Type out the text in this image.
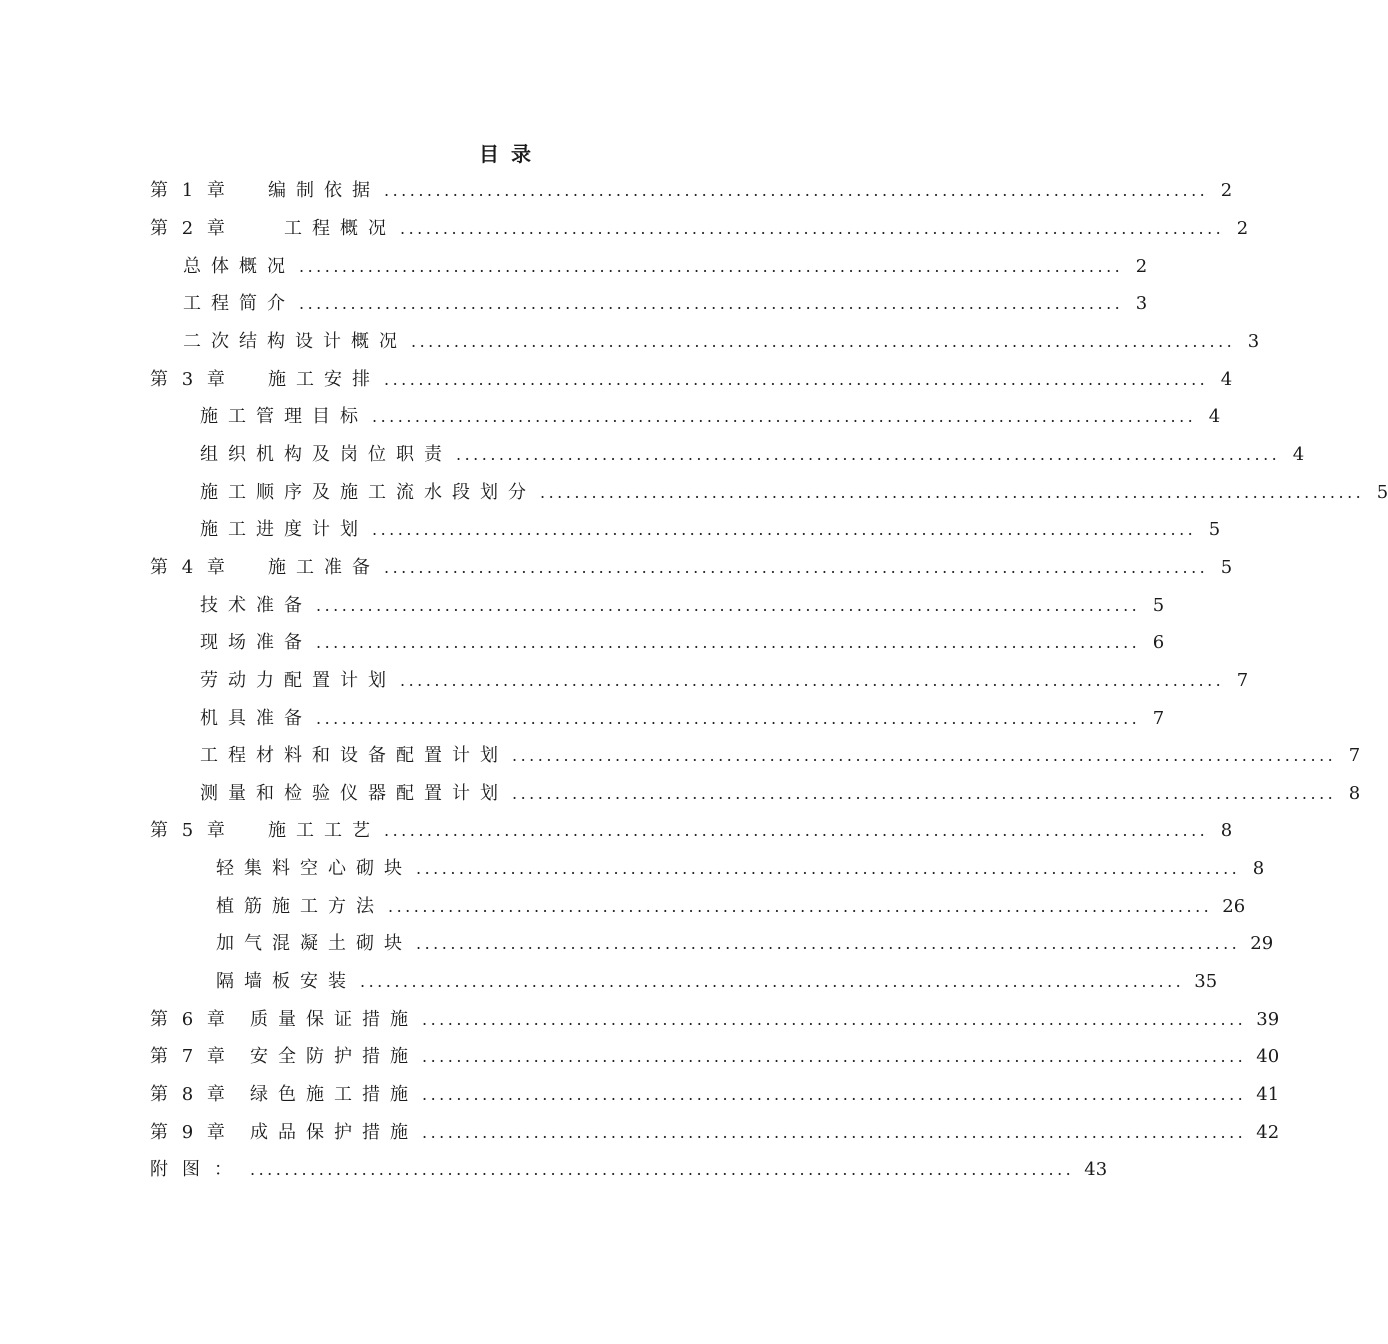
目录
第 1 章	编制依据 ................................................................................................ 2
第 2 章	工程概况 ................................................................................................ 2
总体概况 ................................................................................................ 2
工程简介 ................................................................................................ 3
二次结构设计概况 ................................................................................................ 3
第 3 章	施工安排 ................................................................................................ 4
施工管理目标 ................................................................................................ 4
组织机构及岗位职责 ................................................................................................ 4
施工顺序及施工流水段划分 ................................................................................................ 5
施工进度计划 ................................................................................................ 5
第 4 章	施工准备 ................................................................................................ 5
技术准备 ................................................................................................ 5
现场准备 ................................................................................................ 6
劳动力配置计划 ................................................................................................ 7
机具准备 ................................................................................................ 7
工程材料和设备配置计划 ................................................................................................ 7
测量和检验仪器配置计划 ................................................................................................ 8
第 5 章	施工工艺 ................................................................................................ 8
轻集料空心砌块 ................................................................................................ 8
植筋施工方法 ................................................................................................ 26
加气混凝土砌块 ................................................................................................ 29
隔墙板安装 ................................................................................................ 35
第 6 章	质量保证措施 ................................................................................................ 39
第 7 章	安全防护措施 ................................................................................................ 40
第 8 章	绿色施工措施 ................................................................................................ 41
第 9 章	成品保护措施 ................................................................................................ 42
附图： ................................................................................................ 43
